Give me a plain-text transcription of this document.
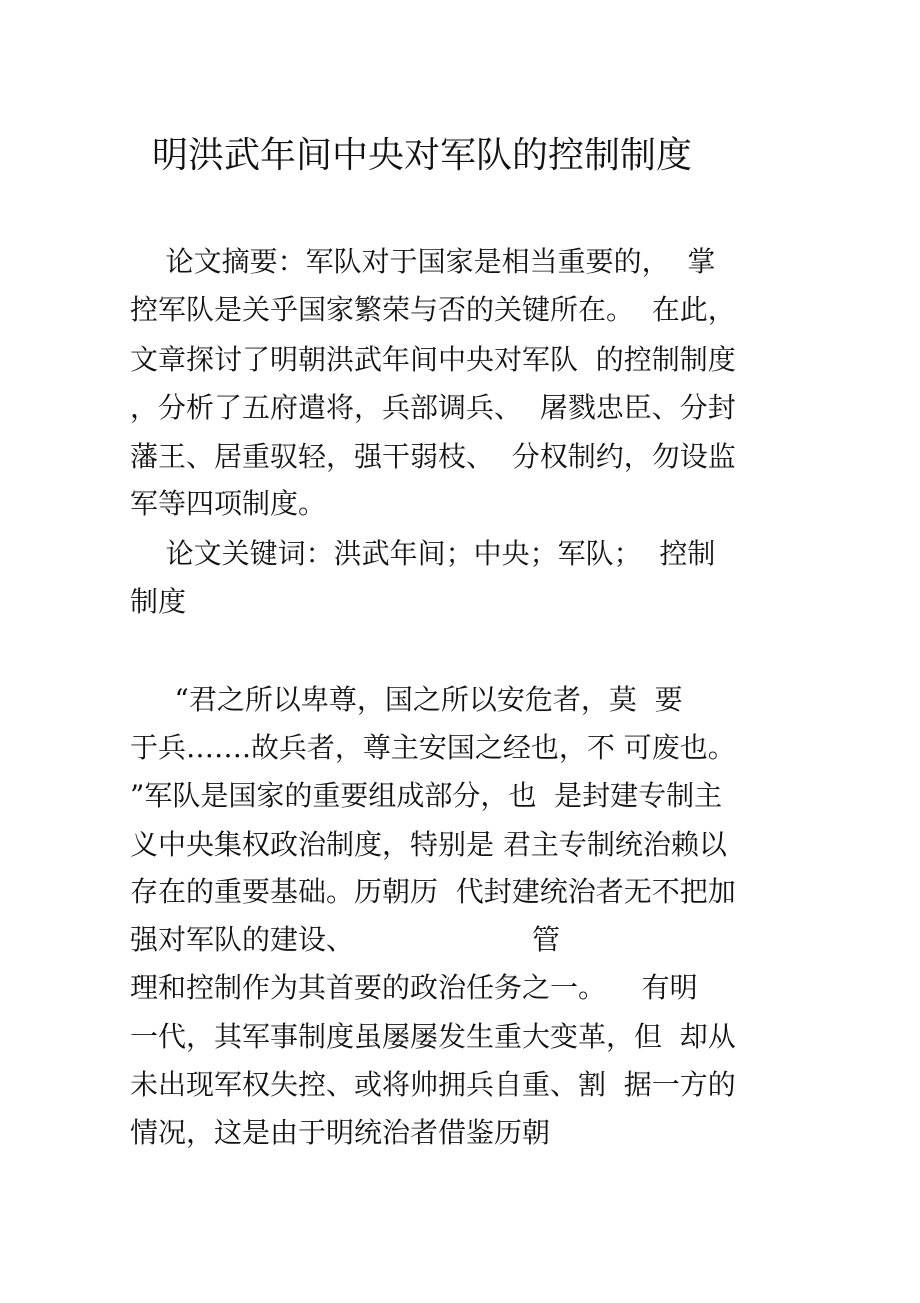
明洪武年间中央对军队的控制制度
论文摘要：军队对于国家是相当重要的，  掌
控军队是关乎国家繁荣与否的关键所在。  在此，
文章探讨了明朝洪武年间中央对军队  的控制制度
，分析了五府遣将，兵部调兵、  屠戮忠臣、分封
藩王、居重驭轻，强干弱枝、  分权制约，勿设监
军等四项制度。
论文关键词：洪武年间；中央；军队；  控制
制度
“君之所以卑尊，国之所以安危者，莫  要
于兵…….故兵者，尊主安国之经也，不 可废也。
”军队是国家的重要组成部分，也  是封建专制主
义中央集权政治制度，特别是 君主专制统治赖以
存在的重要基础。历朝历  代封建统治者无不把加
强对军队的建设、                    管
理和控制作为其首要的政治任务之一。    有明
一代，其军事制度虽屡屡发生重大变革，但  却从
未出现军权失控、或将帅拥兵自重、割  据一方的
情况，这是由于明统治者借鉴历朝
